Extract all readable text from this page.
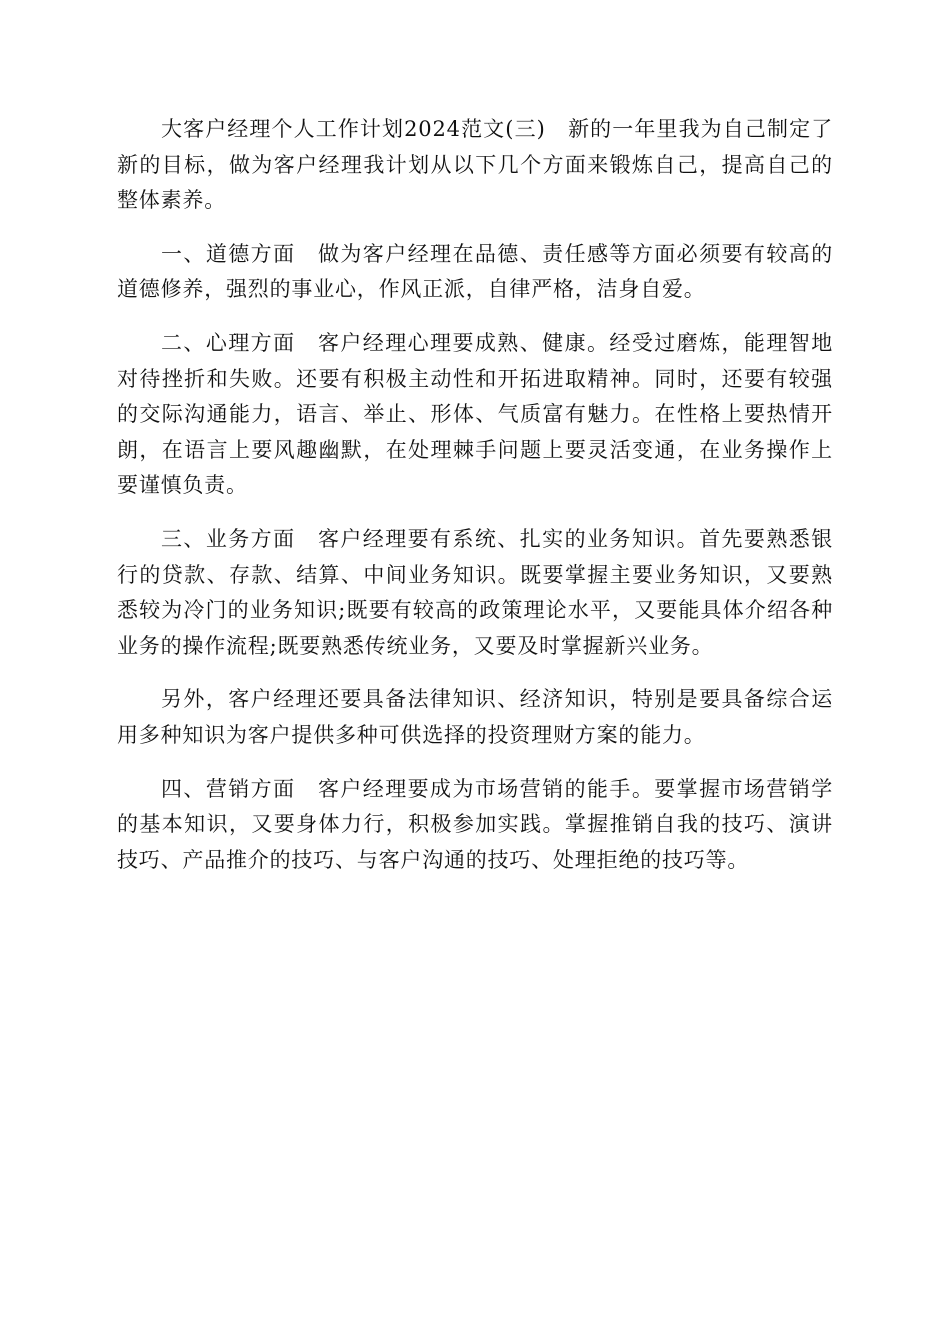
大客户经理个人工作计划2024范文(三)　新的一年里我为自己制定了新的目标，做为客户经理我计划从以下几个方面来锻炼自己，提高自己的整体素养。

一、道德方面　做为客户经理在品德、责任感等方面必须要有较高的道德修养，强烈的事业心，作风正派，自律严格，洁身自爱。

二、心理方面　客户经理心理要成熟、健康。经受过磨炼，能理智地对待挫折和失败。还要有积极主动性和开拓进取精神。同时，还要有较强的交际沟通能力，语言、举止、形体、气质富有魅力。在性格上要热情开朗，在语言上要风趣幽默，在处理棘手问题上要灵活变通，在业务操作上要谨慎负责。

三、业务方面　客户经理要有系统、扎实的业务知识。首先要熟悉银行的贷款、存款、结算、中间业务知识。既要掌握主要业务知识，又要熟悉较为冷门的业务知识;既要有较高的政策理论水平，又要能具体介绍各种业务的操作流程;既要熟悉传统业务，又要及时掌握新兴业务。

另外，客户经理还要具备法律知识、经济知识，特别是要具备综合运用多种知识为客户提供多种可供选择的投资理财方案的能力。

四、营销方面　客户经理要成为市场营销的能手。要掌握市场营销学的基本知识，又要身体力行，积极参加实践。掌握推销自我的技巧、演讲技巧、产品推介的技巧、与客户沟通的技巧、处理拒绝的技巧等。
